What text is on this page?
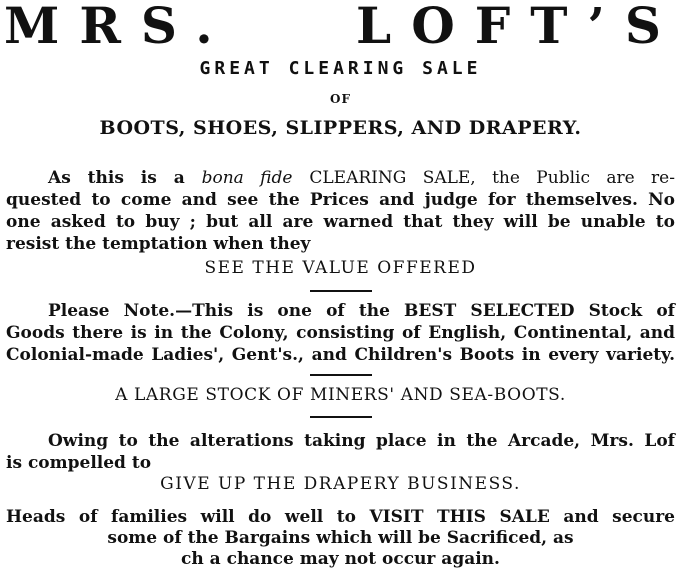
MRS. LOFT’S
GREAT CLEARING SALE
OF
BOOTS, SHOES, SLIPPERS, AND DRAPERY.
As this is a bona fide CLEARING SALE, the Public are re-
quested to come and see the Prices and judge for themselves. No
one asked to buy ; but all are warned that they will be unable to
resist the temptation when they
SEE THE VALUE OFFERED
Please Note.—This is one of the BEST SELECTED Stock of
Goods there is in the Colony, consisting of English, Continental, and
Colonial-made Ladies', Gent's., and Children's Boots in every variety.
A LARGE STOCK OF MINERS' AND SEA-BOOTS.
Owing to the alterations taking place in the Arcade, Mrs. Lof
is compelled to
GIVE UP THE DRAPERY BUSINESS.
Heads of families will do well to VISIT THIS SALE and secure
some of the Bargains which will be Sacrificed, as
ch a chance may not occur again.
